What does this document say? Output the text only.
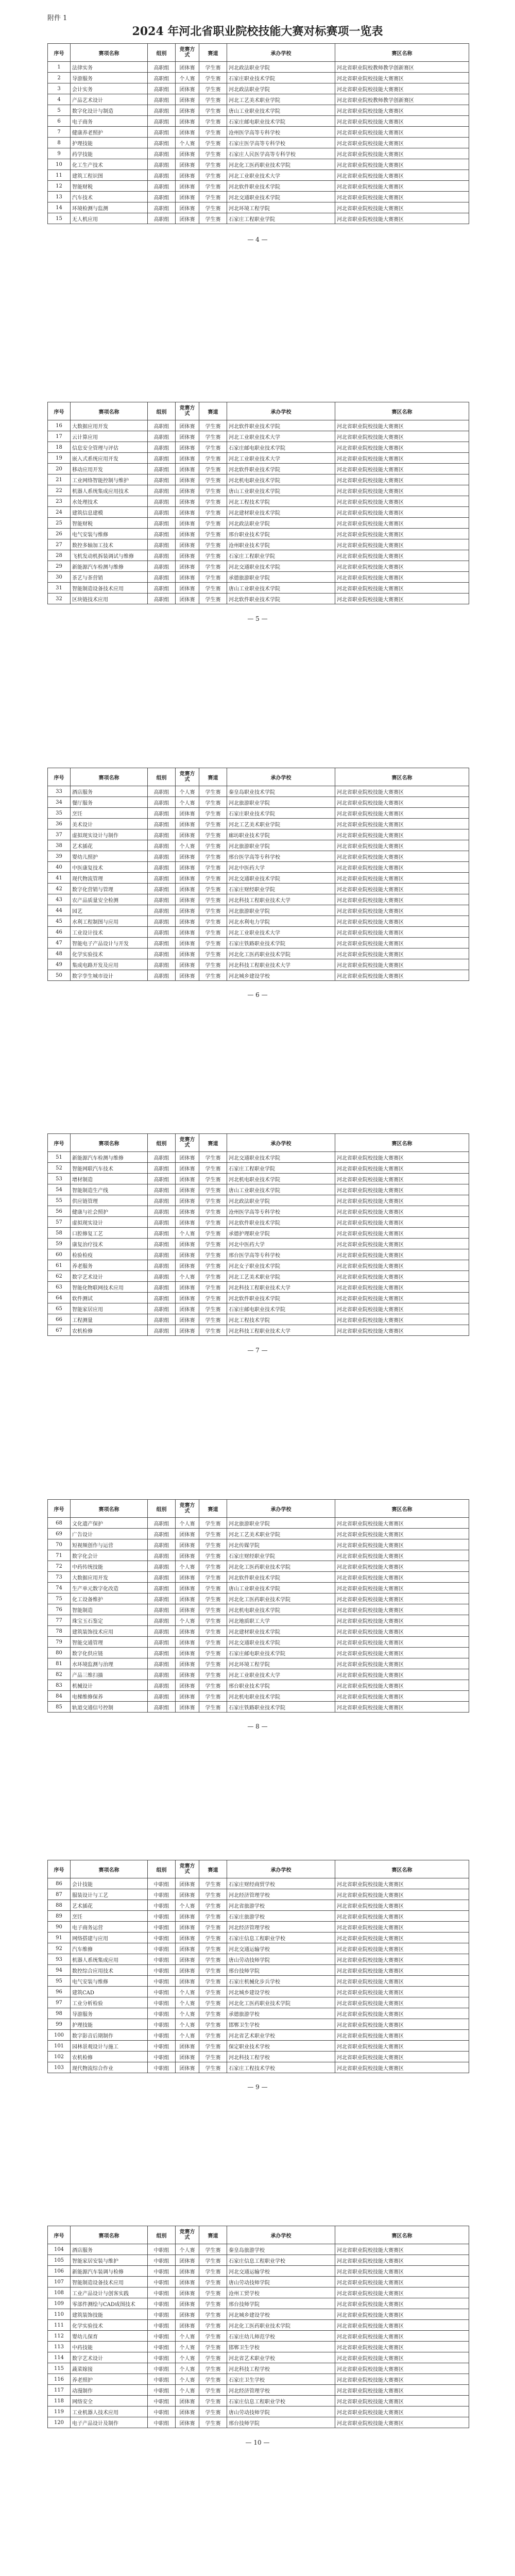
附件 1
2024 年河北省职业院校技能大赛对标赛项一览表
序号	赛项名称	组别	竞赛方式	赛道	承办学校	赛区名称
1	法律实务	高职组	团体赛	学生赛	河北政法职业学院	河北省职业院校教师教学创新赛区
2	导游服务	高职组	个人赛	学生赛	石家庄职业技术学院	河北省职业院校技能大赛赛区
3	会计实务	高职组	团体赛	学生赛	河北政法职业学院	河北省职业院校技能大赛赛区
4	产品艺术设计	高职组	团体赛	学生赛	河北工艺美术职业学院	河北省职业院校教师教学创新赛区
5	数字化设计与制造	高职组	团体赛	学生赛	唐山工业职业技术学院	河北省职业院校技能大赛赛区
6	电子商务	高职组	团体赛	学生赛	石家庄邮电职业技术学院	河北省职业院校技能大赛赛区
7	健康养老照护	高职组	团体赛	学生赛	沧州医学高等专科学校	河北省职业院校技能大赛赛区
8	护理技能	高职组	个人赛	学生赛	石家庄医学高等专科学校	河北省职业院校技能大赛赛区
9	药学技能	高职组	团体赛	学生赛	石家庄人民医学高等专科学校	河北省职业院校技能大赛赛区
10	化工生产技术	高职组	团体赛	学生赛	河北化工医药职业技术学院	河北省职业院校技能大赛赛区
11	建筑工程识图	高职组	团体赛	学生赛	河北工业职业技术大学	河北省职业院校技能大赛赛区
12	智能财税	高职组	团体赛	学生赛	河北软件职业技术学院	河北省职业院校技能大赛赛区
13	汽车技术	高职组	团体赛	学生赛	河北交通职业技术学院	河北省职业院校技能大赛赛区
14	环境检测与监测	高职组	团体赛	学生赛	河北环境工程学院	河北省职业院校技能大赛赛区
15	无人机应用	高职组	团体赛	学生赛	石家庄工程职业学院	河北省职业院校技能大赛赛区
— 4 —
序号	赛项名称	组别	竞赛方式	赛道	承办学校	赛区名称
16	大数据应用开发	高职组	团体赛	学生赛	河北软件职业技术学院	河北省职业院校技能大赛赛区
17	云计算应用	高职组	团体赛	学生赛	河北工业职业技术大学	河北省职业院校技能大赛赛区
18	信息安全管理与评估	高职组	团体赛	学生赛	石家庄邮电职业技术学院	河北省职业院校技能大赛赛区
19	嵌入式系统应用开发	高职组	团体赛	学生赛	河北工业职业技术大学	河北省职业院校技能大赛赛区
20	移动应用开发	高职组	团体赛	学生赛	河北软件职业技术学院	河北省职业院校技能大赛赛区
21	工业网络智能控制与维护	高职组	团体赛	学生赛	河北机电职业技术学院	河北省职业院校技能大赛赛区
22	机器人系统集成应用技术	高职组	团体赛	学生赛	唐山工业职业技术学院	河北省职业院校技能大赛赛区
23	水处理技术	高职组	团体赛	学生赛	河北工程技术学院	河北省职业院校技能大赛赛区
24	建筑信息建模	高职组	团体赛	学生赛	河北建材职业技术学院	河北省职业院校技能大赛赛区
25	智能财税	高职组	团体赛	学生赛	河北政法职业学院	河北省职业院校技能大赛赛区
26	电气安装与维修	高职组	团体赛	学生赛	邢台职业技术学院	河北省职业院校技能大赛赛区
27	数控多轴加工技术	高职组	团体赛	学生赛	沧州职业技术学院	河北省职业院校技能大赛赛区
28	飞机发动机拆装调试与维修	高职组	团体赛	学生赛	石家庄工程职业学院	河北省职业院校技能大赛赛区
29	新能源汽车检测与维修	高职组	团体赛	学生赛	河北交通职业技术学院	河北省职业院校技能大赛赛区
30	茶艺与茶营销	高职组	团体赛	学生赛	承德旅游职业学院	河北省职业院校技能大赛赛区
31	智能制造设备技术应用	高职组	团体赛	学生赛	唐山工业职业技术学院	河北省职业院校技能大赛赛区
32	区块链技术应用	高职组	团体赛	学生赛	河北软件职业技术学院	河北省职业院校技能大赛赛区
— 5 —
序号	赛项名称	组别	竞赛方式	赛道	承办学校	赛区名称
33	酒店服务	高职组	个人赛	学生赛	秦皇岛职业技术学院	河北省职业院校技能大赛赛区
34	餐厅服务	高职组	个人赛	学生赛	河北旅游职业学院	河北省职业院校技能大赛赛区
35	烹饪	高职组	团体赛	学生赛	石家庄职业技术学院	河北省职业院校技能大赛赛区
36	美术设计	高职组	团体赛	学生赛	河北工艺美术职业学院	河北省职业院校技能大赛赛区
37	虚拟现实设计与制作	高职组	团体赛	学生赛	廊坊职业技术学院	河北省职业院校技能大赛赛区
38	艺术插花	高职组	个人赛	学生赛	河北旅游职业学院	河北省职业院校技能大赛赛区
39	婴幼儿照护	高职组	团体赛	学生赛	邢台医学高等专科学校	河北省职业院校技能大赛赛区
40	中医康复技术	高职组	团体赛	学生赛	河北中医药大学	河北省职业院校技能大赛赛区
41	现代物流管理	高职组	团体赛	学生赛	河北交通职业技术学院	河北省职业院校技能大赛赛区
42	数字化营销与管理	高职组	团体赛	学生赛	石家庄财经职业学院	河北省职业院校技能大赛赛区
43	农产品质量安全检测	高职组	团体赛	学生赛	河北科技工程职业技术大学	河北省职业院校技能大赛赛区
44	园艺	高职组	团体赛	学生赛	河北旅游职业学院	河北省职业院校技能大赛赛区
45	水利工程制图与应用	高职组	团体赛	学生赛	河北水利电力学院	河北省职业院校技能大赛赛区
46	工业设计技术	高职组	团体赛	学生赛	河北工业职业技术大学	河北省职业院校技能大赛赛区
47	智能电子产品设计与开发	高职组	团体赛	学生赛	石家庄铁路职业技术学院	河北省职业院校技能大赛赛区
48	化学实验技术	高职组	团体赛	学生赛	河北化工医药职业技术学院	河北省职业院校技能大赛赛区
49	集成电路开发及应用	高职组	团体赛	学生赛	河北科技工程职业技术大学	河北省职业院校技能大赛赛区
50	数字孪生城市设计	高职组	团体赛	学生赛	河北城乡建设学校	河北省职业院校技能大赛赛区
— 6 —
序号	赛项名称	组别	竞赛方式	赛道	承办学校	赛区名称
51	新能源汽车检测与维修	高职组	团体赛	学生赛	河北交通职业技术学院	河北省职业院校技能大赛赛区
52	智能网联汽车技术	高职组	团体赛	学生赛	石家庄工程职业学院	河北省职业院校技能大赛赛区
53	增材制造	高职组	团体赛	学生赛	河北机电职业技术学院	河北省职业院校技能大赛赛区
54	智能制造生产线	高职组	团体赛	学生赛	唐山工业职业技术学院	河北省职业院校技能大赛赛区
55	供应链管理	高职组	团体赛	学生赛	河北政法职业学院	河北省职业院校技能大赛赛区
56	健康与社会照护	高职组	团体赛	学生赛	沧州医学高等专科学校	河北省职业院校技能大赛赛区
57	虚拟现实设计	高职组	团体赛	学生赛	河北软件职业技术学院	河北省职业院校技能大赛赛区
58	口腔修复工艺	高职组	个人赛	学生赛	承德护理职业学院	河北省职业院校技能大赛赛区
59	康复治疗技术	高职组	团体赛	学生赛	河北中医药大学	河北省职业院校技能大赛赛区
60	检验检疫	高职组	团体赛	学生赛	邢台医学高等专科学校	河北省职业院校技能大赛赛区
61	养老服务	高职组	团体赛	学生赛	河北女子职业技术学院	河北省职业院校技能大赛赛区
62	数字艺术设计	高职组	个人赛	学生赛	河北工艺美术职业学院	河北省职业院校技能大赛赛区
63	智能化物联网技术应用	高职组	团体赛	学生赛	河北科技工程职业技术大学	河北省职业院校技能大赛赛区
64	软件测试	高职组	团体赛	学生赛	河北软件职业技术学院	河北省职业院校技能大赛赛区
65	智能家居应用	高职组	团体赛	学生赛	石家庄邮电职业技术学院	河北省职业院校技能大赛赛区
66	工程测量	高职组	团体赛	学生赛	河北工程技术学院	河北省职业院校技能大赛赛区
67	农机检修	高职组	团体赛	学生赛	河北科技工程职业技术大学	河北省职业院校技能大赛赛区
— 7 —
序号	赛项名称	组别	竞赛方式	赛道	承办学校	赛区名称
68	文化遗产保护	高职组	个人赛	学生赛	河北旅游职业学院	河北省职业院校技能大赛赛区
69	广告设计	高职组	团体赛	学生赛	河北工艺美术职业学院	河北省职业院校技能大赛赛区
70	短视频创作与运营	高职组	团体赛	学生赛	河北传媒学院	河北省职业院校技能大赛赛区
71	数字化会计	高职组	团体赛	学生赛	石家庄财经职业学院	河北省职业院校技能大赛赛区
72	中药传统技能	高职组	个人赛	学生赛	河北化工医药职业技术学院	河北省职业院校技能大赛赛区
73	大数据应用开发	高职组	团体赛	学生赛	河北软件职业技术学院	河北省职业院校技能大赛赛区
74	生产单元数字化改造	高职组	团体赛	学生赛	唐山工业职业技术学院	河北省职业院校技能大赛赛区
75	化工设备维护	高职组	团体赛	学生赛	河北化工医药职业技术学院	河北省职业院校技能大赛赛区
76	智能制造	高职组	团体赛	学生赛	河北机电职业技术学院	河北省职业院校技能大赛赛区
77	珠宝玉石鉴定	高职组	个人赛	学生赛	河北地质职工大学	河北省职业院校技能大赛赛区
78	建筑装饰技术应用	高职组	团体赛	学生赛	河北建材职业技术学院	河北省职业院校技能大赛赛区
79	智能交通管理	高职组	团体赛	学生赛	河北交通职业技术学院	河北省职业院校技能大赛赛区
80	数字化供应链	高职组	团体赛	学生赛	石家庄邮电职业技术学院	河北省职业院校技能大赛赛区
81	水环境监测与治理	高职组	团体赛	学生赛	河北环境工程学院	河北省职业院校技能大赛赛区
82	产品三维扫描	高职组	团体赛	学生赛	河北工业职业技术大学	河北省职业院校技能大赛赛区
83	机械设计	高职组	团体赛	学生赛	邢台职业技术学院	河北省职业院校技能大赛赛区
84	电梯维修保养	高职组	团体赛	学生赛	河北机电职业技术学院	河北省职业院校技能大赛赛区
85	轨道交通信号控制	高职组	团体赛	学生赛	石家庄铁路职业技术学院	河北省职业院校技能大赛赛区
— 8 —
序号	赛项名称	组别	竞赛方式	赛道	承办学校	赛区名称
86	会计技能	中职组	团体赛	学生赛	石家庄财经商贸学校	河北省职业院校技能大赛赛区
87	服装设计与工艺	中职组	团体赛	学生赛	河北经济管理学校	河北省职业院校技能大赛赛区
88	艺术插花	中职组	个人赛	学生赛	河北省旅游学校	河北省职业院校技能大赛赛区
89	烹饪	中职组	团体赛	学生赛	石家庄旅游学校	河北省职业院校技能大赛赛区
90	电子商务运营	中职组	团体赛	学生赛	河北经济管理学校	河北省职业院校技能大赛赛区
91	网络搭建与应用	中职组	团体赛	学生赛	石家庄信息工程职业学校	河北省职业院校技能大赛赛区
92	汽车维修	中职组	团体赛	学生赛	河北交通运输学校	河北省职业院校技能大赛赛区
93	机器人系统集成应用	中职组	团体赛	学生赛	唐山劳动技师学院	河北省职业院校技能大赛赛区
94	数控综合应用技术	中职组	团体赛	学生赛	邢台技师学院	河北省职业院校技能大赛赛区
95	电气安装与维修	中职组	团体赛	学生赛	石家庄机械化步兵学校	河北省职业院校技能大赛赛区
96	建筑CAD	中职组	个人赛	学生赛	河北城乡建设学校	河北省职业院校技能大赛赛区
97	工业分析检验	中职组	个人赛	学生赛	河北化工医药职业技术学院	河北省职业院校技能大赛赛区
98	导游服务	中职组	个人赛	学生赛	承德旅游学校	河北省职业院校技能大赛赛区
99	护理技能	中职组	个人赛	学生赛	邯郸卫生学校	河北省职业院校技能大赛赛区
100	数字影音后期制作	中职组	个人赛	学生赛	河北省艺术职业学校	河北省职业院校技能大赛赛区
101	园林景观设计与施工	中职组	团体赛	学生赛	保定职业技术学校	河北省职业院校技能大赛赛区
102	农机检修	中职组	团体赛	学生赛	河北科技工程学校	河北省职业院校技能大赛赛区
103	现代物流综合作业	中职组	团体赛	学生赛	石家庄工程技术学校	河北省职业院校技能大赛赛区
— 9 —
序号	赛项名称	组别	竞赛方式	赛道	承办学校	赛区名称
104	酒店服务	中职组	个人赛	学生赛	秦皇岛旅游学校	河北省职业院校技能大赛赛区
105	智能家居安装与维护	中职组	团体赛	学生赛	石家庄信息工程职业学校	河北省职业院校技能大赛赛区
106	新能源汽车装调与检修	中职组	团体赛	学生赛	河北交通运输学校	河北省职业院校技能大赛赛区
107	智能制造设备技术应用	中职组	团体赛	学生赛	唐山劳动技师学院	河北省职业院校技能大赛赛区
108	工业产品设计与创客实践	中职组	团体赛	学生赛	沧州工贸学校	河北省职业院校技能大赛赛区
109	零部件测绘与CAD成图技术	中职组	团体赛	学生赛	邢台技师学院	河北省职业院校技能大赛赛区
110	建筑装饰技能	中职组	团体赛	学生赛	河北城乡建设学校	河北省职业院校技能大赛赛区
111	化学实验技术	中职组	团体赛	学生赛	河北化工医药职业技术学院	河北省职业院校技能大赛赛区
112	婴幼儿保育	中职组	个人赛	学生赛	石家庄幼儿师范学校	河北省职业院校技能大赛赛区
113	中药技能	中职组	个人赛	学生赛	邯郸卫生学校	河北省职业院校技能大赛赛区
114	数字艺术设计	中职组	个人赛	学生赛	河北省艺术职业学校	河北省职业院校技能大赛赛区
115	蔬菜嫁接	中职组	个人赛	学生赛	河北科技工程学校	河北省职业院校技能大赛赛区
116	养老照护	中职组	个人赛	学生赛	石家庄卫生学校	河北省职业院校技能大赛赛区
117	动漫制作	中职组	个人赛	学生赛	河北经济管理学校	河北省职业院校技能大赛赛区
118	网络安全	中职组	团体赛	学生赛	石家庄信息工程职业学校	河北省职业院校技能大赛赛区
119	工业机器人技术应用	中职组	团体赛	学生赛	唐山劳动技师学院	河北省职业院校技能大赛赛区
120	电子产品设计及制作	中职组	团体赛	学生赛	邢台技师学院	河北省职业院校技能大赛赛区
— 10 —
